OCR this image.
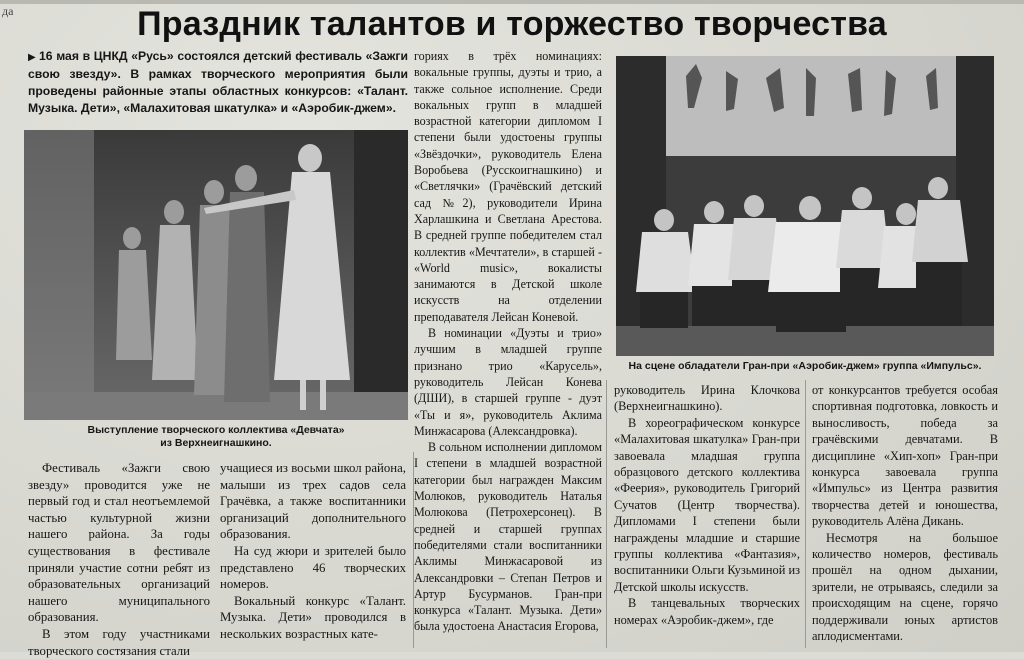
да	Праздник талантов и торжество творчества

▶ 16 мая в ЦНКД «Русь» состоялся детский фестиваль «Зажги свою звезду». В рамках творческого мероприятия были проведены районные этапы областных конкурсов: «Талант. Музыка. Дети», «Малахитовая шкатулка» и «Аэробик-джем».

Выступление творческого коллектива «Девчата»
из Верхнеигнашкино.

На сцене обладатели Гран-при «Аэробик-джем» группа «Импульс».

Фестиваль «Зажги свою звезду» проводится уже не первый год и стал неотъемлемой частью культурной жизни нашего района. За годы существования в фестивале приняли участие сотни ребят из образовательных организаций нашего муниципального образования.

В этом году участниками творческого состязания стали

учащиеся из восьми школ района, малыши из трех садов села Грачёвка, а также воспитанники организаций дополнительного образования.

На суд жюри и зрителей было представлено 46 творческих номеров.

Вокальный конкурс «Талант. Музыка. Дети» проводился в нескольких возрастных кате-

гориях в трёх номинациях: вокальные группы, дуэты и трио, а также сольное исполнение. Среди вокальных групп в младшей возрастной категории дипломом I степени были удостоены группы «Звёздочки», руководитель Елена Воробьева (Русскоигнашкино) и «Светлячки» (Грачёвский детский сад №2), руководители Ирина Харлашкина и Светлана Арестова. В средней группе победителем стал коллектив «Мечтатели», в старшей - «World music», вокалисты занимаются в Детской школе искусств на отделении преподавателя Лейсан Коневой.

В номинации «Дуэты и трио» лучшим в младшей группе признано трио «Карусель», руководитель Лейсан Конева (ДШИ), в старшей группе - дуэт «Ты и я», руководитель Аклима Минжасарова (Александровка).

В сольном исполнении дипломом I степени в младшей возрастной категории был награжден Максим Молюков, руководитель Наталья Молюкова (Петрохерсонец). В средней и старшей группах победителями стали воспитанники Аклимы Минжасаровой из Александровки – Степан Петров и Артур Бусурманов. Гран-при конкурса «Талант. Музыка. Дети» была удостоена Анастасия Егорова,

руководитель Ирина Клочкова (Верхнеигнашкино).

В хореографическом конкурсе «Малахитовая шкатулка» Гран-при завоевала младшая группа образцового детского коллектива «Феерия», руководитель Григорий Сучатов (Центр творчества). Дипломами I степени были награждены младшие и старшие группы коллектива «Фантазия», воспитанники Ольги Кузьминой из Детской школы искусств.

В танцевальных творческих номерах «Аэробик-джем», где

от конкурсантов требуется особая спортивная подготовка, ловкость и выносливость, победа за грачёвскими девчатами. В дисциплине «Хип-хоп» Гран-при конкурса завоевала группа «Импульс» из Центра развития творчества детей и юношества, руководитель Алёна Дикань.

Несмотря на большое количество номеров, фестиваль прошёл на одном дыхании, зрители, не отрываясь, следили за происходящим на сцене, горячо поддерживали юных артистов аплодисментами.
